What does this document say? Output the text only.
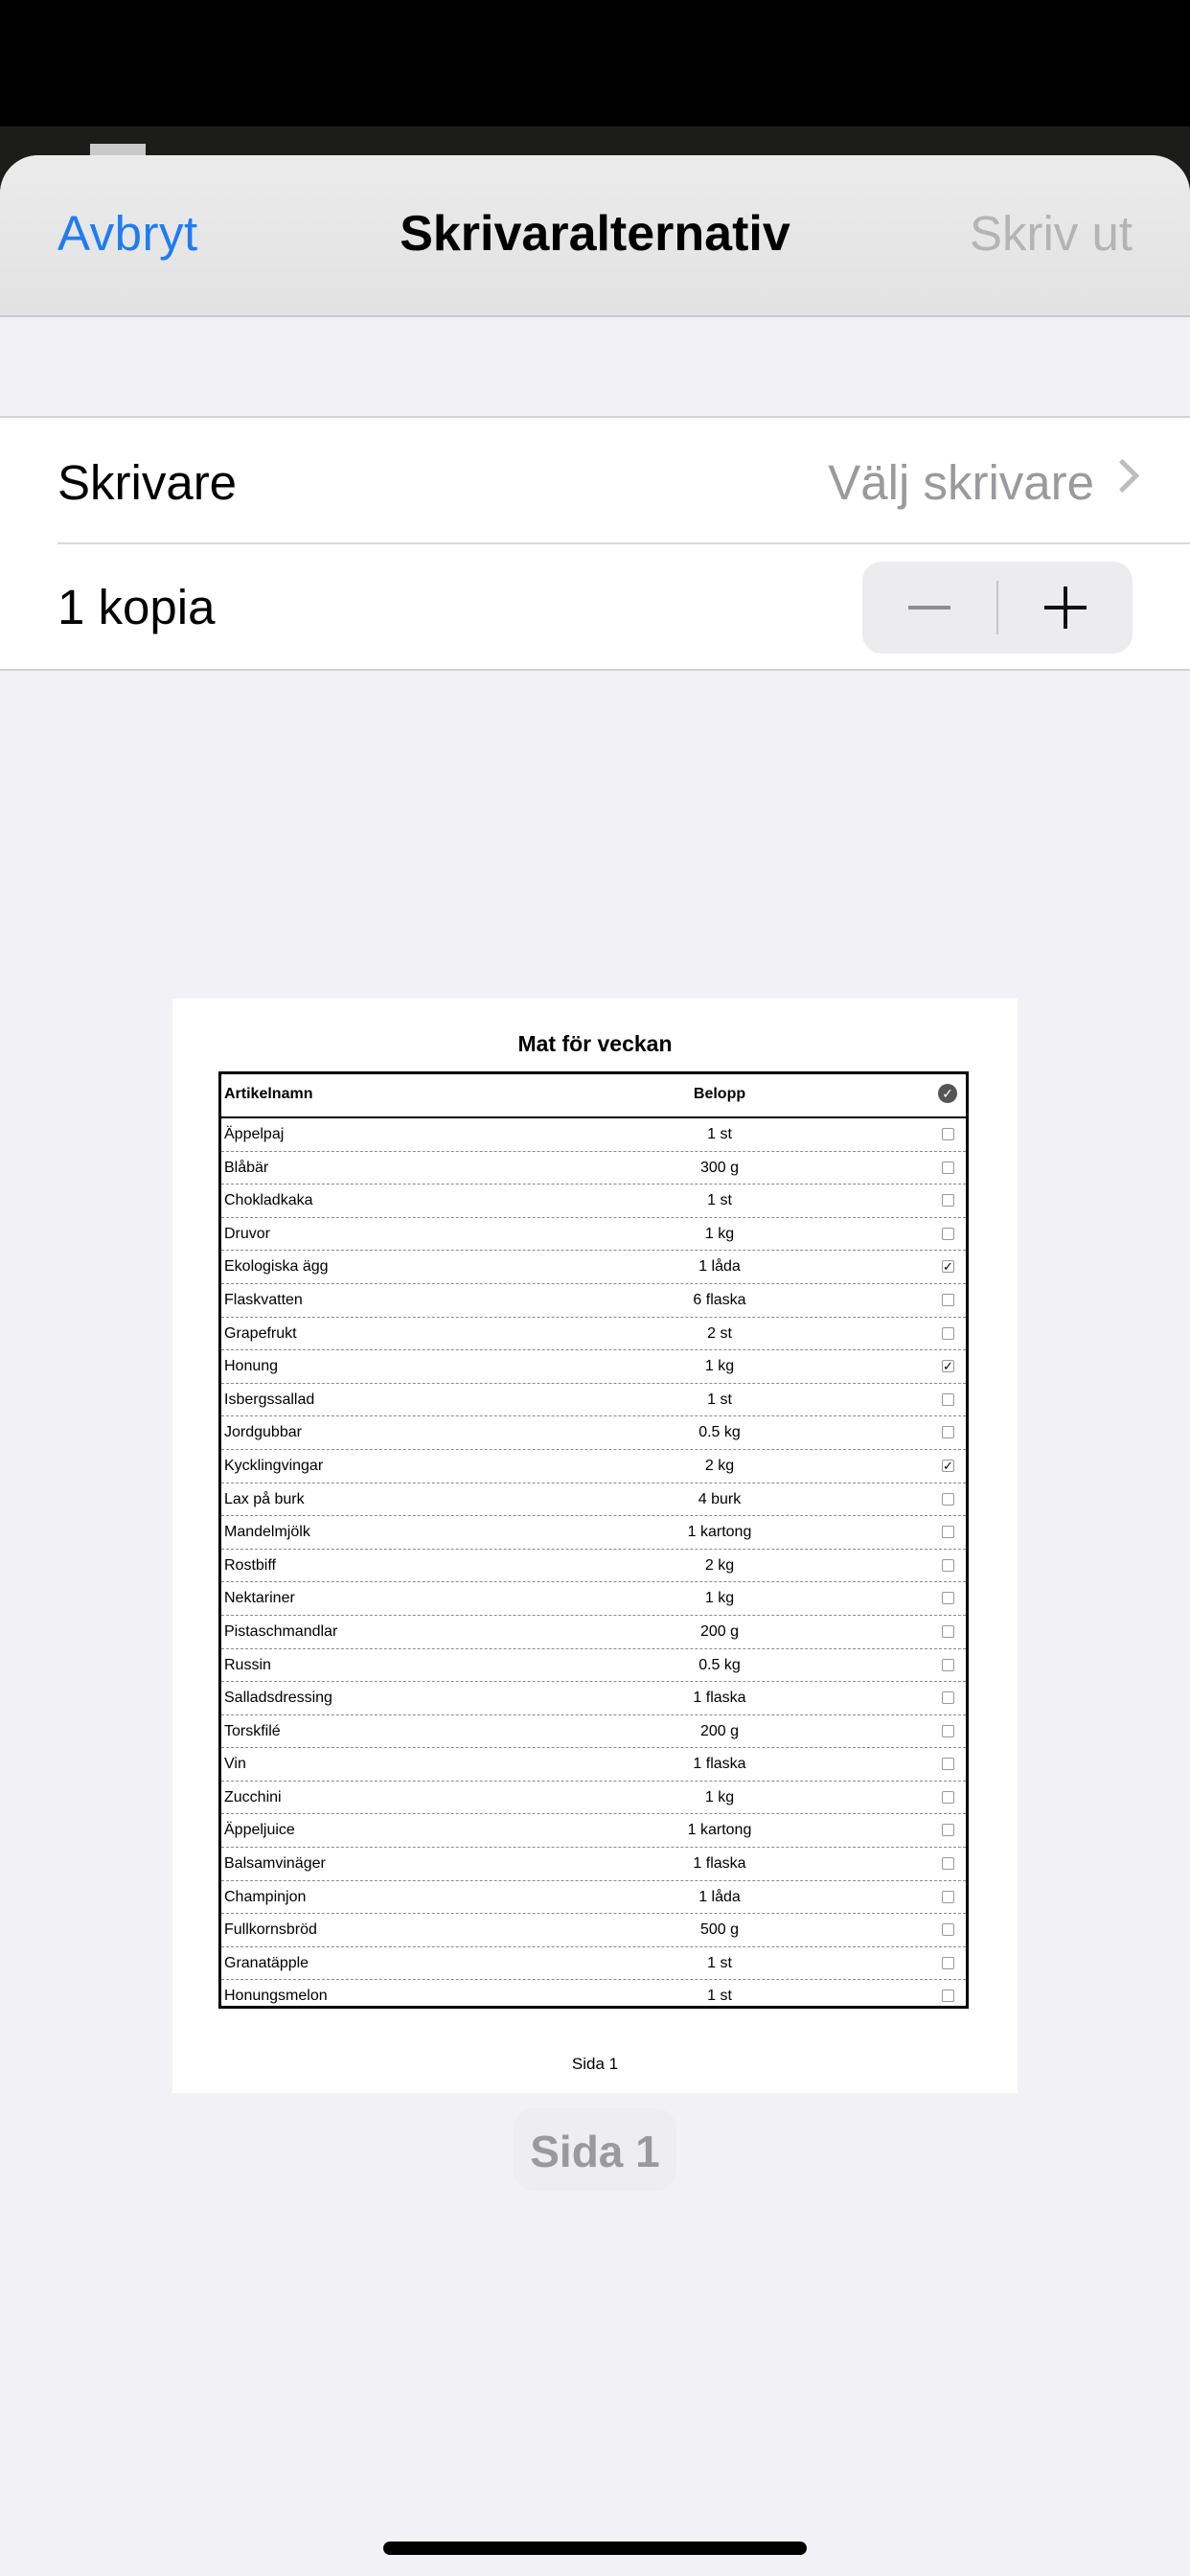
Avbryt	Skrivaralternativ	Skriv ut
Skrivare	Välj skrivare
1 kopia
Mat för veckan
Artikelnamn	Belopp	✓
Äppelpaj	1 st
Blåbär	300 g
Chokladkaka	1 st
Druvor	1 kg
Ekologiska ägg	1 låda	✓
Flaskvatten	6 flaska
Grapefrukt	2 st
Honung	1 kg	✓
Isbergssallad	1 st
Jordgubbar	0.5 kg
Kycklingvingar	2 kg	✓
Lax på burk	4 burk
Mandelmjölk	1 kartong
Rostbiff	2 kg
Nektariner	1 kg
Pistaschmandlar	200 g
Russin	0.5 kg
Salladsdressing	1 flaska
Torskfilé	200 g
Vin	1 flaska
Zucchini	1 kg
Äppeljuice	1 kartong
Balsamvinäger	1 flaska
Champinjon	1 låda
Fullkornsbröd	500 g
Granatäpple	1 st
Honungsmelon	1 st
Sida 1
Sida 1
